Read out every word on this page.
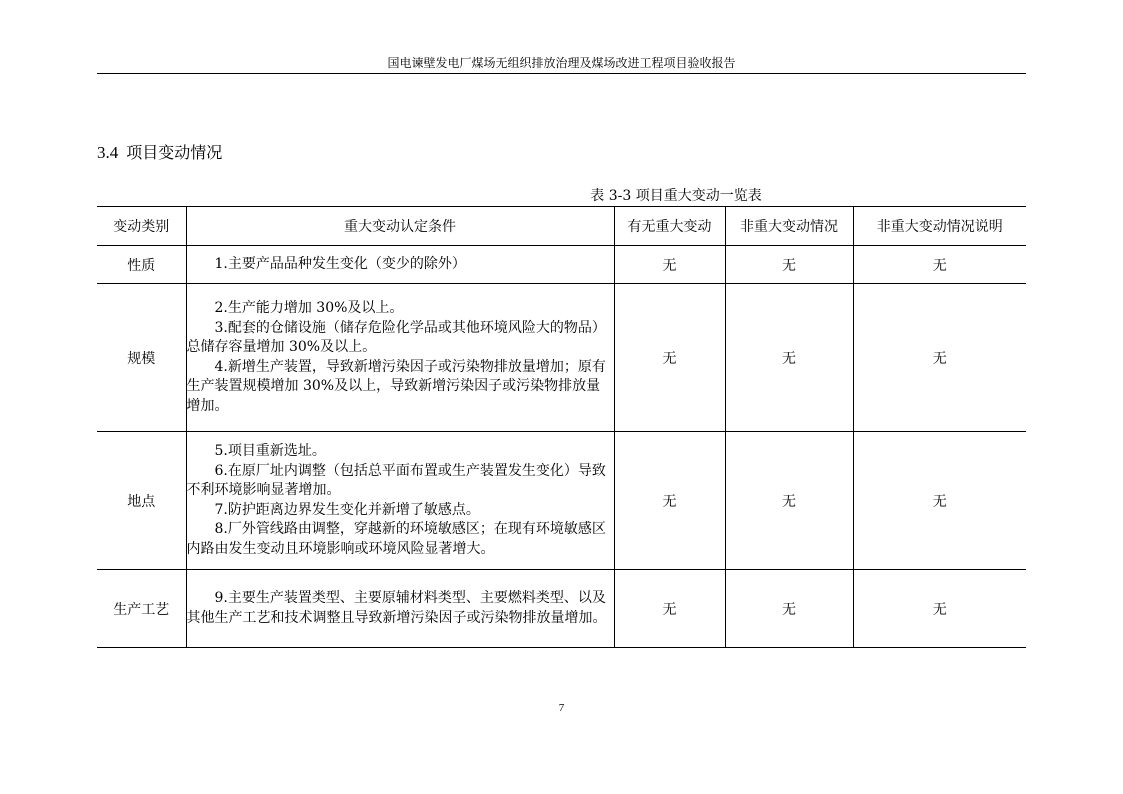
国电谏壁发电厂煤场无组织排放治理及煤场改进工程项目验收报告
3.4 项目变动情况
表 3-3 项目重大变动一览表
变动类别	重大变动认定条件	有无重大变动	非重大变动情况	非重大变动情况说明
性质	1.主要产品品种发生变化（变少的除外）	无	无	无
规模	2.生产能力增加 30%及以上。
3.配套的仓储设施（储存危险化学品或其他环境风险大的物品）总储存容量增加 30%及以上。
4.新增生产装置，导致新增污染因子或污染物排放量增加；原有生产装置规模增加 30%及以上，导致新增污染因子或污染物排放量增加。	无	无	无
地点	5.项目重新选址。
6.在原厂址内调整（包括总平面布置或生产装置发生变化）导致不利环境影响显著增加。
7.防护距离边界发生变化并新增了敏感点。
8.厂外管线路由调整，穿越新的环境敏感区；在现有环境敏感区内路由发生变动且环境影响或环境风险显著增大。	无	无	无
生产工艺	9.主要生产装置类型、主要原辅材料类型、主要燃料类型、以及其他生产工艺和技术调整且导致新增污染因子或污染物排放量增加。	无	无	无
7
